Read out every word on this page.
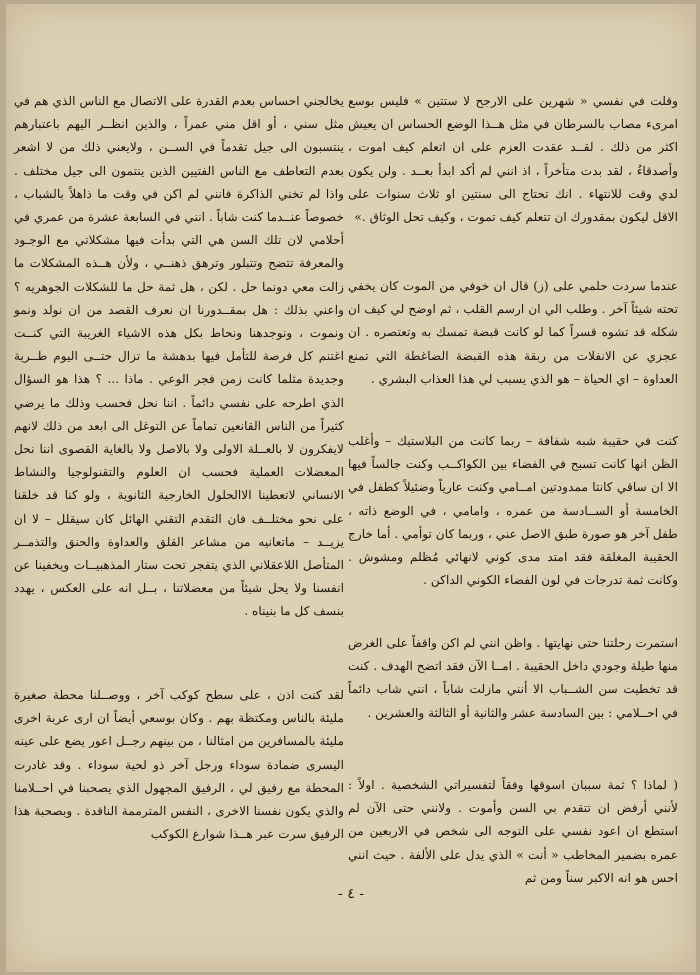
وقلت في نفسي « شهرين على الارجح لا ستتين » فليس بوسع امرىء مصاب بالسرطان في مثل هــذا الوضع الحساس ان يعيش اكثر من ذلك . لقــد عقدت العزم على ان اتعلم كيف اموت ، وأصدقاءُ ، لقد بدت متأخراً ، اذ انني لم أكد ابدأ بعــد . ولن يكون لدي وقت للانتهاء . انك تحتاج الى سنتين او ثلاث سنوات على الاقل ليكون بمقدورك ان تتعلم كيف تموت ، وكيف تحل الوثاق .»

عندما سردت حلمي على (ز) قال ان خوفي من الموت كان يخفي تحته شيئاً آخر . وطلب الي ان ارسم القلب ، ثم اوضح لي كيف ان شكله قد تشوه قسراً كما لو كانت قبضة تمسك به وتعتصره . ان عجزي عن الانفلات من ربقة هذه القبضة الضاغطة التي تمنع العداوة – اي الحياة – هو الذي يسبب لي هذا العذاب البشري .

كنت في حقيبة شبه شفافة – ربما كانت من البلاستيك – وأغلب الظن انها كانت تسبح في الفضاء بين الكواكــب وكنت جالساً فيها الا ان ساقي كانتا ممدودتين امــامي وكنت عارياً وضئيلاً كطفل في الخامسة أو الســادسة من عمره ، وامامي ، في الوضع ذاته ، طفل آخر هو صورة طبق الاصل عني ، وربما كان توأمي . أما خارج الحقيبة المغلقة فقد امتد مدى كوني لانهائي مُظلم ومشوش . وكانت ثمة تدرجات في لون الفضاء الكوني الداكن .

استمرت رحلتنا حتى نهايتها . واظن انني لم اكن واقفاً على الغرض منها طيلة وجودي داخل الحقيبة . امــا الآن فقد اتضح الهدف . كنت قد تخطيت سن الشــباب الا أنني مازلت شاباً ، انني شاب دائماً في احــلامي : بين السادسة عشر والثانية أو الثالثة والعشرين .

( لماذا ؟ ثمة سببان اسوقها وفقاً لتفسيراتي الشخصية . اولاً : لأنني أرفض ان تتقدم بي السن وأموت . ولانني حتى الآن لم استطع ان اعود نفسي على التوجه الى شخص في الاربعين من عمره بضمير المخاطب « أنت » الذي يدل على الألفة . حيث انني احس هو انه الاكبر سناً ومن ثم

يخالجني احساس بعدم القدرة على الاتصال مع الناس الذي هم في مثل سني ، أو اقل مني عمراً ، والذين انظــر اليهم باعتبارهم ينتسبون الى جيل تقدماً في الســن ، ولايعني ذلك من لا اشعر بعدم التعاطف مع الناس الفتيين الذين ينتمون الى جيل مختلف . واذا لم تخني الذاكرة فانني لم اكن في وقت ما ذاهلاً بالشباب ، خصوصاً عنــدما كنت شاباً . انني في السابعة عشرة من عمري في أحلامي لان تلك السن هي التي بدأت فيها مشكلاتي مع الوجـود والمعرفة تتضح وتتبلور وترهق ذهنــي ، ولأن هــذه المشكلات ما زالت معي دونما حل . لكن ، هل ثمة حل ما للشكلات الجوهريه ؟ واعني بذلك : هل بمقــدورنا ان نعرف القصد من ان نولد ونمو ونموت ، ونوجدهنا ونحاط بكل هذه الاشياء الغريبة التي كنــت اغتنم كل فرصة للتأمل فيها بدهشة ما تزال حتــى اليوم طــرية وجديدة مثلما كانت زمن فجر الوعي . ماذا ... ؟ هذا هو السؤال الذي اطرحه على نفسي دائماً . اننا نحل فحسب وذلك ما يرضي كثيراً من الناس القانعين تماماً عن التوغل الى ابعد من ذلك لانهم لايفكرون لا بالعــلة الاولى ولا بالاصل ولا بالغاية القصوى اننا نحل المعضلات العملية فحسب ان العلوم والتقنولوجيا والنشاط الانساني لاتعطينا الاالحلول الخارجية الثانوية ، ولو كنا قد خلقنا على نحو مختلــف فان التقدم التقني الهائل كان سيقلل – لا ان يزيــد – ماتعانيه من مشاعر القلق والعداوة والحنق والتذمــر المتأصل اللاعقلاني الذي يتفجر تحت ستار المذهبيــات ويخفينا عن انفسنا ولا يحل شيئاً من معضلاتنا ، بــل انه على العكس ، يهدد بنسف كل ما بنيناه .

لقد كنت اذن ، على سطح كوكب آخر ، ووصــلنا محطة صغيرة مليئة بالناس ومكتظة بهم . وكان بوسعي أيضاً ان ارى عربة اخرى مليئة بالمسافرين من امثالنا ، من بينهم رجــل اعور يضع على عينه اليسرى ضمادة سوداء ورجل آخر ذو لحية سوداء . وقد غادرت المحطة مع رفيق لي ، الرفيق المجهول الذي يصحبنا في احــلامنا والذي يكون نفسنا الاخرى ، النفس المترممة الناقدة . وبصحبة هذا الرفيق سرت عبر هــذا شوارع الكوكب

- ٤ -
